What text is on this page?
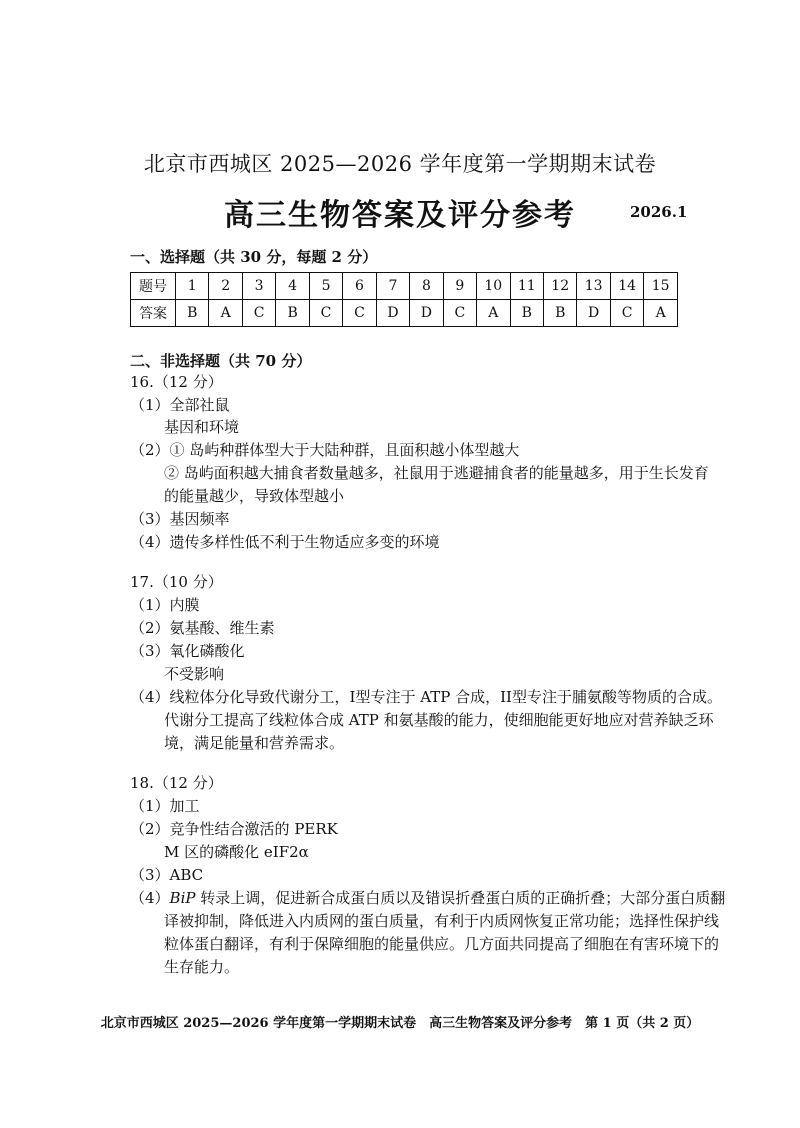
北京市西城区 2025—2026 学年度第一学期期末试卷
高三生物答案及评分参考	2026.1
一、选择题（共 30 分，每题 2 分）
题号	1	2	3	4	5	6	7	8	9	10	11	12	13	14	15
答案	B	A	C	B	C	C	D	D	C	A	B	B	D	C	A
二、非选择题（共 70 分）
16.（12 分）
（1）全部社鼠
基因和环境
（2）① 岛屿种群体型大于大陆种群，且面积越小体型越大
② 岛屿面积越大捕食者数量越多，社鼠用于逃避捕食者的能量越多，用于生长发育
的能量越少，导致体型越小
（3）基因频率
（4）遗传多样性低不利于生物适应多变的环境
17.（10 分）
（1）内膜
（2）氨基酸、维生素
（3）氧化磷酸化
不受影响
（4）线粒体分化导致代谢分工，I型专注于 ATP 合成，II型专注于脯氨酸等物质的合成。
代谢分工提高了线粒体合成 ATP 和氨基酸的能力，使细胞能更好地应对营养缺乏环
境，满足能量和营养需求。
18.（12 分）
（1）加工
（2）竞争性结合激活的 PERK
M 区的磷酸化 eIF2α
（3）ABC
（4）BiP 转录上调，促进新合成蛋白质以及错误折叠蛋白质的正确折叠；大部分蛋白质翻
译被抑制，降低进入内质网的蛋白质量，有利于内质网恢复正常功能；选择性保护线
粒体蛋白翻译，有利于保障细胞的能量供应。几方面共同提高了细胞在有害环境下的
生存能力。
北京市西城区 2025—2026 学年度第一学期期末试卷　高三生物答案及评分参考　第 1 页（共 2 页）
